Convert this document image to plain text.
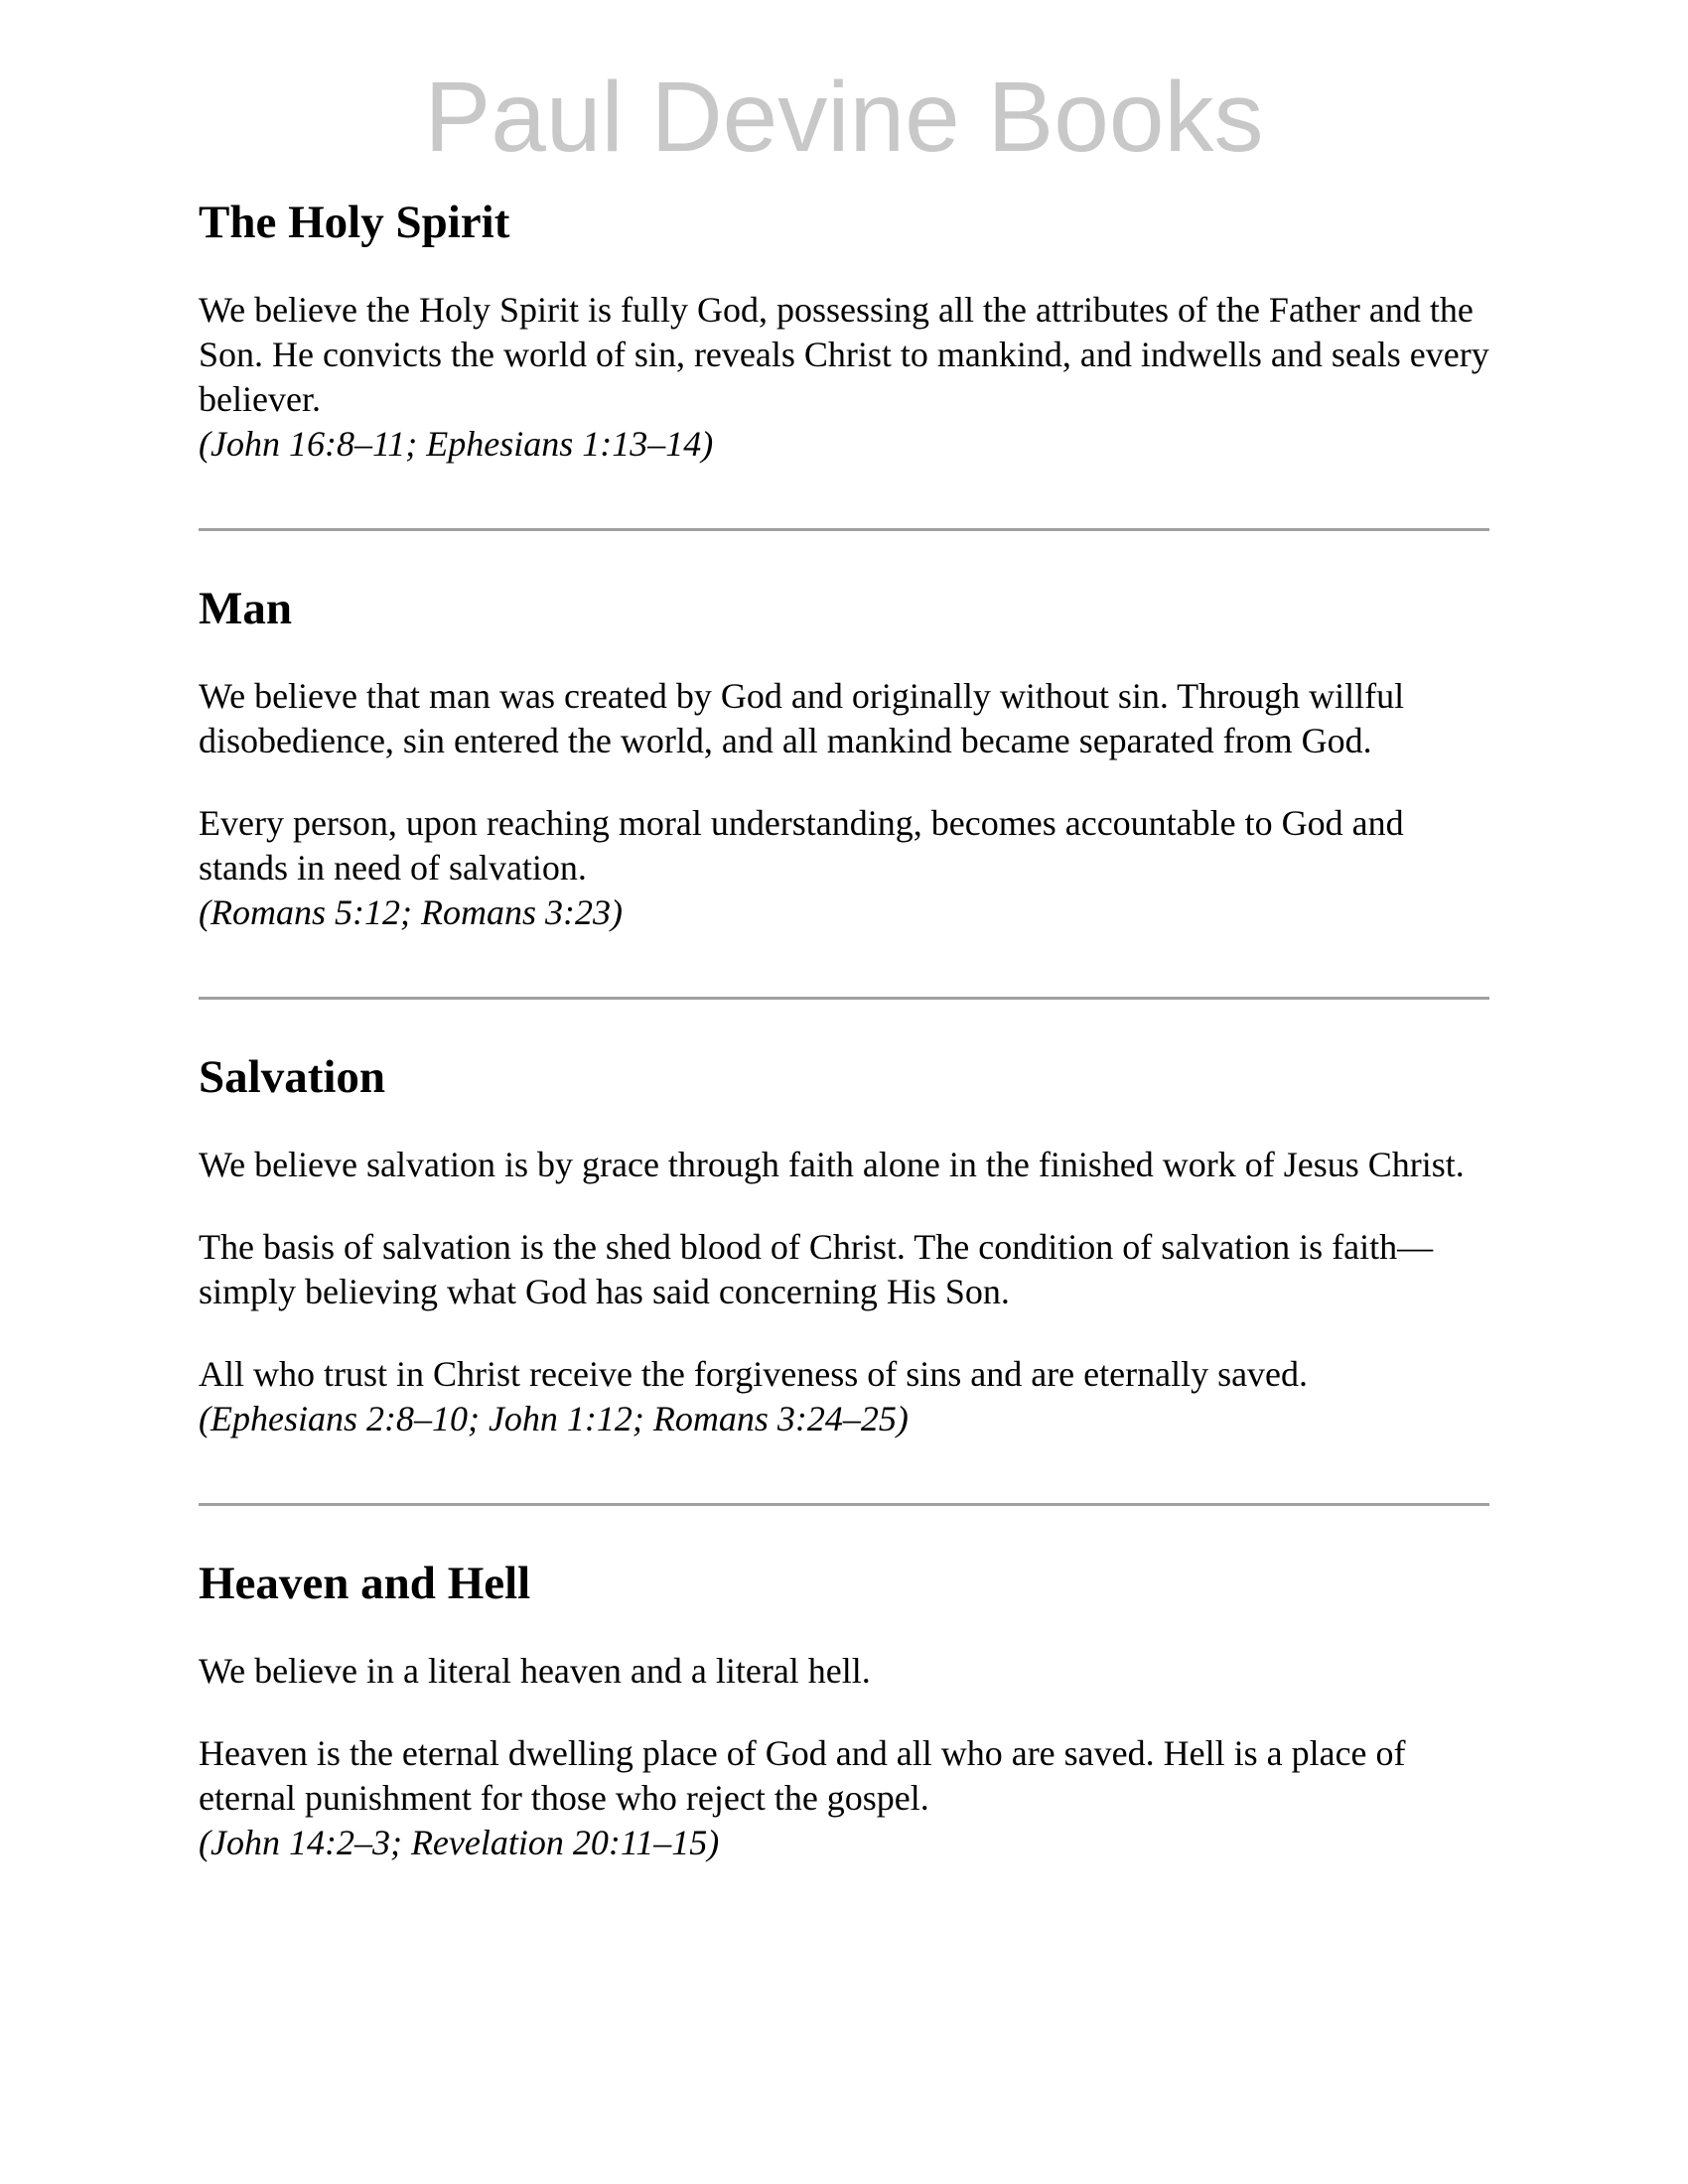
Paul Devine Books
The Holy Spirit

We believe the Holy Spirit is fully God, possessing all the attributes of the Father and the Son. He convicts the world of sin, reveals Christ to mankind, and indwells and seals every believer.

(John 16:8–11; Ephesians 1:13–14)
Man

We believe that man was created by God and originally without sin. Through willful disobedience, sin entered the world, and all mankind became separated from God.

Every person, upon reaching moral understanding, becomes accountable to God and stands in need of salvation.

(Romans 5:12; Romans 3:23)
Salvation

We believe salvation is by grace through faith alone in the finished work of Jesus Christ.

The basis of salvation is the shed blood of Christ. The condition of salvation is faith—simply believing what God has said concerning His Son.

All who trust in Christ receive the forgiveness of sins and are eternally saved.

(Ephesians 2:8–10; John 1:12; Romans 3:24–25)
Heaven and Hell

We believe in a literal heaven and a literal hell.

Heaven is the eternal dwelling place of God and all who are saved. Hell is a place of eternal punishment for those who reject the gospel.

(John 14:2–3; Revelation 20:11–15)
